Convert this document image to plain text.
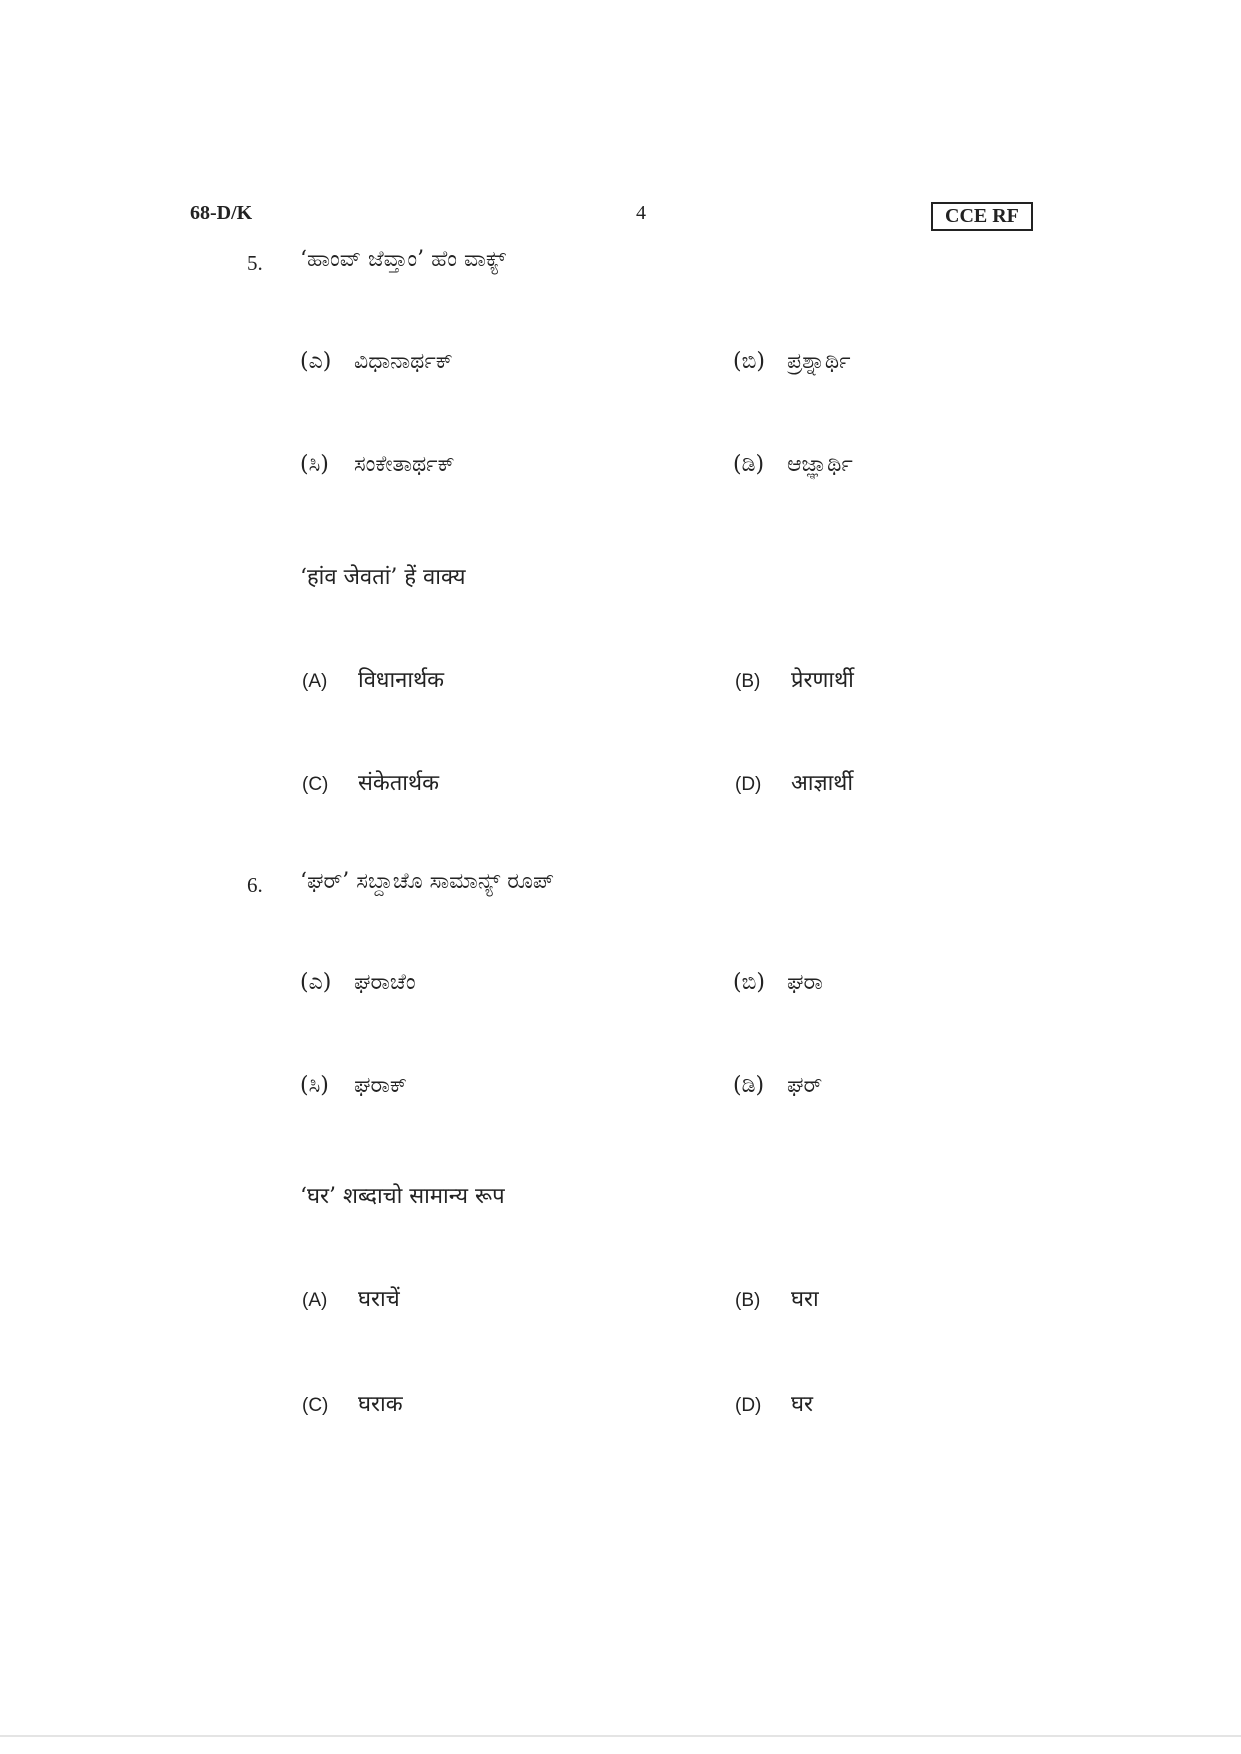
68-D/K	4	CCE RF
5. ‘ಹಾಂವ್ ಜೆವ್ತಾಂ’ ಹೆಂ ವಾಕ್ಯ್
(ಎ) ವಿಧಾನಾರ್ಥಕ್	(ಬಿ) ಪ್ರಶ್ನಾರ್ಥಿ
(ಸಿ) ಸಂಕೇತಾರ್ಥಕ್	(ಡಿ) ಆಜ್ಞಾರ್ಥಿ
‘हांव जेवतां’ हें वाक्य
(A) विधानार्थक	(B) प्रेरणार्थी
(C) संकेतार्थक	(D) आज्ञार्थी
6. ‘ಘರ್’ ಸಬ್ದಾಚೊ ಸಾಮಾನ್ಯ್ ರೂಪ್
(ಎ) ಘರಾಚೆಂ	(ಬಿ) ಘರಾ
(ಸಿ) ಘರಾಕ್	(ಡಿ) ಘರ್
‘घर’ शब्दाचो सामान्य रूप
(A) घराचें	(B) घरा
(C) घराक	(D) घर
